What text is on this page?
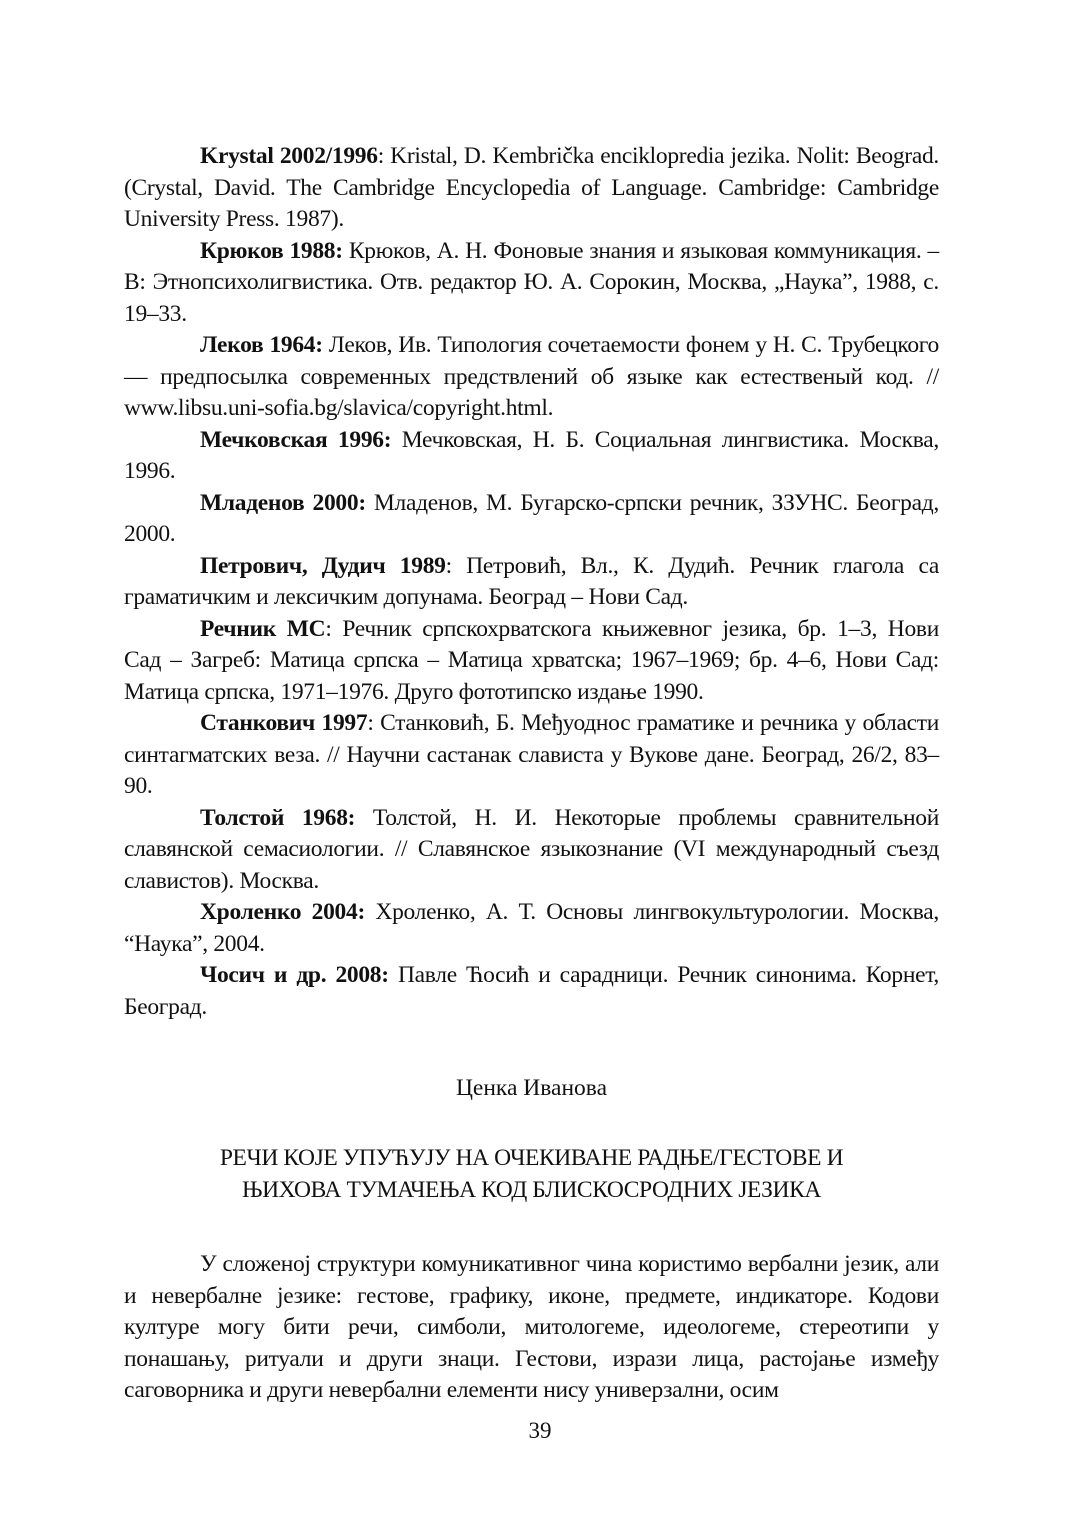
Krystal 2002/1996: Kristal, D. Kembrička enciklopredia jezika. Nolit: Beograd. (Crystal, David. The Cambridge Encyclopedia of Language. Cambridge: Cambridge University Press. 1987).

Крюков 1988: Крюков, А. Н. Фоновые знания и языковая коммуникация. – В: Этнопсихолигвистика. Отв. редактор Ю. А. Сорокин, Москва, „Наука”, 1988, с. 19–33.

Леков 1964: Леков, Ив. Типология сочетаемости фонем у Н. С. Трубецкого — предпосылка современных предствлений об языке как естественый код. // www.libsu.uni-sofia.bg/slavica/copyright.html.

Мечковская 1996: Мечковская, Н. Б. Социальная лингвистика. Москва, 1996.

Младенов 2000: Младенов, М. Бугарско-српски речник, ЗЗУНС. Београд, 2000.

Петрович, Дудич 1989: Петровић, Вл., К. Дудић. Речник глагола са граматичким и лексичким допунама. Београд – Нови Сад.

Речник МС: Речник српскохрватскога књижевног језика, бр. 1–3, Нови Сад – Загреб: Матица српска – Матица хрватска; 1967–1969; бр. 4–6, Нови Сад: Матица српска, 1971–1976. Друго фототипско издање 1990.

Станкович 1997: Станковић, Б. Међуоднос граматике и речника у области синтагматских веза. // Научни састанак слависта у Вукове дане. Београд, 26/2, 83–90.

Толстой 1968: Толстой, Н. И. Некоторые проблемы сравнительной славянской семасиологии. // Славянское языкознание (VI международный съезд славистов). Москва.

Хроленко 2004: Хроленко, А. Т. Основы лингвокультурологии. Москва, “Наука”, 2004.

Чосич и др. 2008: Павле Ћосић и сарадници. Речник синонима. Корнет, Београд.

Ценка Иванова
РЕЧИ КОЈЕ УПУЋУЈУ НА ОЧЕКИВАНЕ РАДЊЕ/ГЕСТОВЕ И
ЊИХОВА ТУМАЧЕЊА КОД БЛИСКОСРОДНИХ ЈЕЗИКА

У сложеној структури комуникативног чина користимо вербални језик, али и невербалне језике: гестове, графику, иконе, предмете, индикаторе. Кодови културе могу бити речи, симболи, митологеме, идеологеме, стереотипи у понашању, ритуали и други знаци. Гестови, изрази лица, растојање између саговорника и други невербални елементи нису универзални, осим

39
